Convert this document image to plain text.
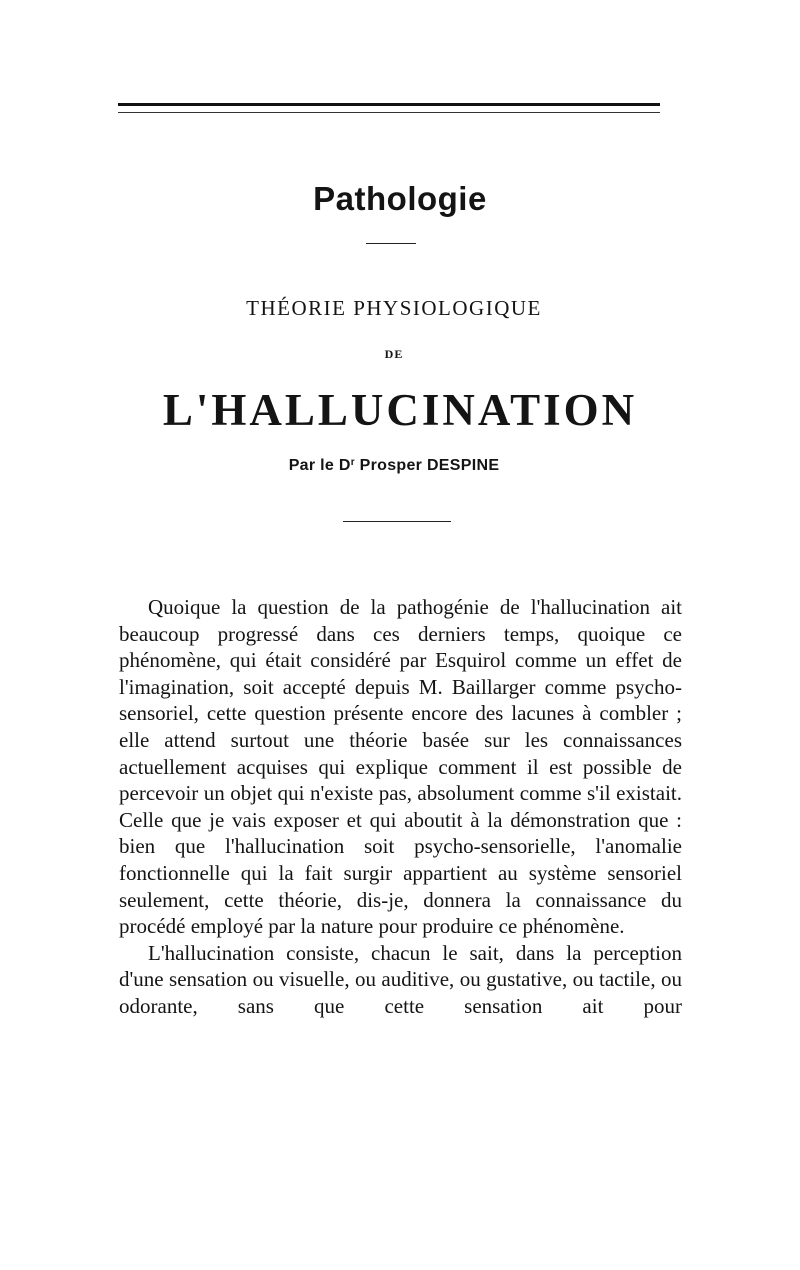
Pathologie
THÉORIE PHYSIOLOGIQUE
DE
L'HALLUCINATION
Par le $D^r$ Prosper DESPINE

Quoique la question de la pathogénie de l'hallucination ait beaucoup progressé dans ces derniers temps, quoique ce phénomène, qui était considéré par Esquirol comme un effet de l'imagination, soit accepté depuis M. Baillarger comme psycho-sensoriel, cette question présente encore des lacunes à combler ; elle attend surtout une théorie basée sur les connaissances actuellement acquises qui explique comment il est possible de percevoir un objet qui n'existe pas, absolument comme s'il existait. Celle que je vais exposer et qui aboutit à la démonstration que : bien que l'hallucination soit psycho-sensorielle, l'anomalie fonctionnelle qui la fait surgir appartient au système sensoriel seulement, cette théorie, dis-je, donnera la connaissance du procédé employé par la nature pour produire ce phénomène.

L'hallucination consiste, chacun le sait, dans la perception d'une sensation ou visuelle, ou auditive, ou gustative, ou tactile, ou odorante, sans que cette sensation ait pour
